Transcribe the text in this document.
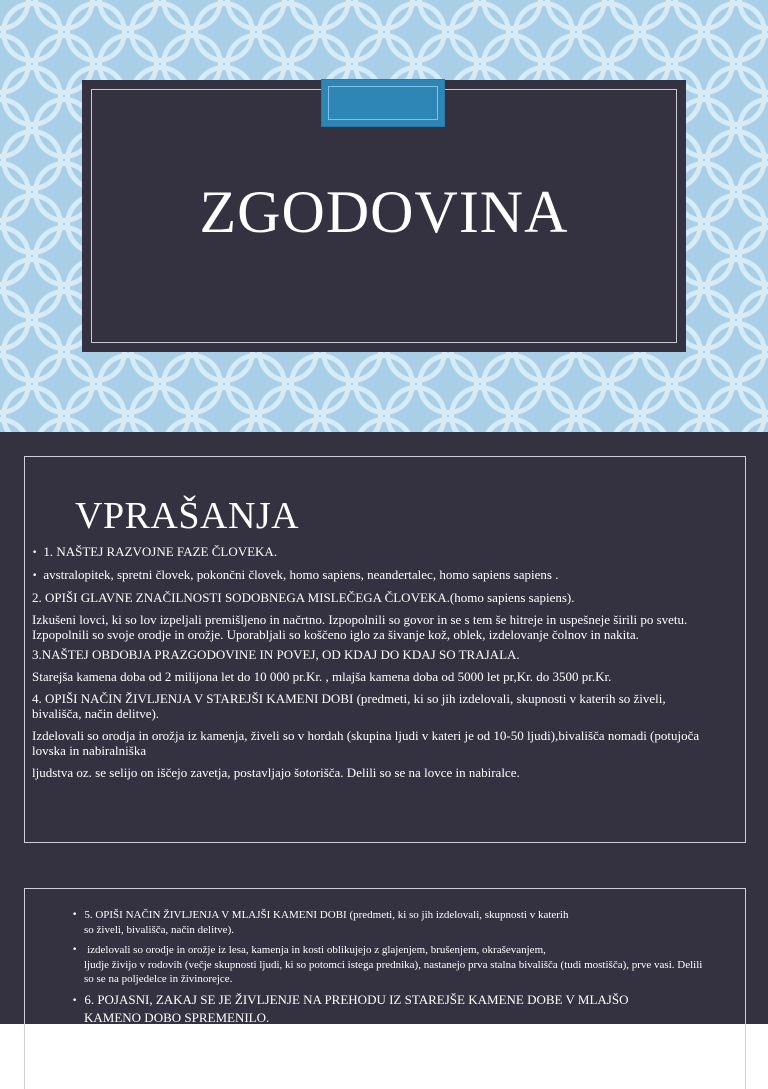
ZGODOVINA
VPRAŠANJA
• 1. NAŠTEJ RAZVOJNE FAZE ČLOVEKA.
• avstralopitek, spretni človek, pokončni človek, homo sapiens, neandertalec, homo sapiens sapiens .
2. OPIŠI GLAVNE ZNAČILNOSTI SODOBNEGA MISLEČEGA ČLOVEKA.(homo sapiens sapiens).
Izkušeni lovci, ki so lov izpeljali premišljeno in načrtno. Izpopolnili so govor in se s tem še hitreje in uspešneje širili po svetu. Izpopolnili so svoje orodje in orožje. Uporabljali so koščeno iglo za šivanje kož, oblek, izdelovanje čolnov in nakita.
3.NAŠTEJ OBDOBJA PRAZGODOVINE IN POVEJ, OD KDAJ DO KDAJ SO TRAJALA.
Starejša kamena doba od 2 milijona let do 10 000 pr.Kr. , mlajša kamena doba od 5000 let pr,Kr. do 3500 pr.Kr.
4. OPIŠI NAČIN ŽIVLJENJA V STAREJŠI KAMENI DOBI (predmeti, ki so jih izdelovali, skupnosti v katerih so živeli, bivališča, način delitve).
Izdelovali so orodja in orožja iz kamenja, živeli so v hordah (skupina ljudi v kateri je od 10-50 ljudi),bivališča nomadi (potujoča lovska in nabiralniška
ljudstva oz. se selijo on iščejo zavetja, postavljajo šotorišča. Delili so se na lovce in nabiralce.
• 5. OPIŠI NAČIN ŽIVLJENJA V MLAJŠI KAMENI DOBI (predmeti, ki so jih izdelovali, skupnosti v katerih
so živeli, bivališča, način delitve).
• izdelovali so orodje in orožje iz lesa, kamenja in kosti oblikujejo z glajenjem, brušenjem, okraševanjem,
ljudje živijo v rodovih (večje skupnosti ljudi, ki so potomci istega prednika), nastanejo prva stalna bivališča (tudi mostišča), prve vasi. Delili so se na poljedelce in živinorejce.
• 6. POJASNI, ZAKAJ SE JE ŽIVLJENJE NA PREHODU IZ STAREJŠE KAMENE DOBE V MLAJŠO
KAMENO DOBO SPREMENILO.
